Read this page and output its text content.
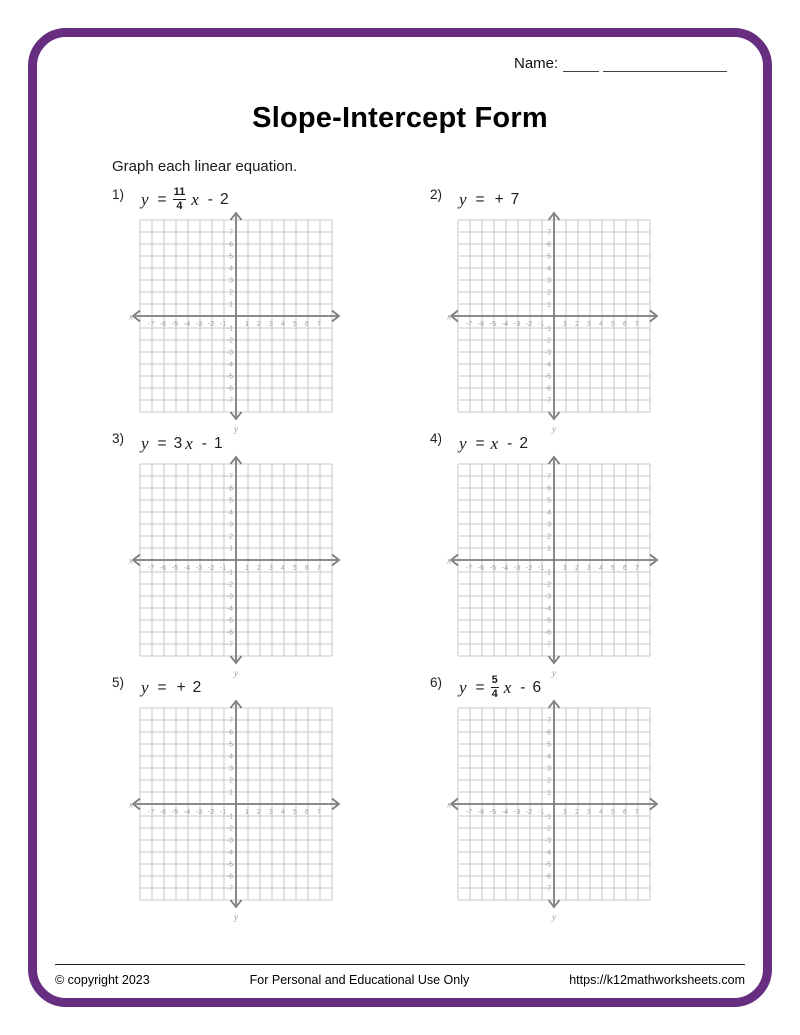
Name:
Slope-Intercept Form
Graph each linear equation.
1) $y = \frac{11}{4}$ x - 2
-7
-7
-6
-6
-5
-5
-4
-4
-3
-3
-2
-2
-1
-1
1
1
2
2
3
3
4
4
5
5
6
6
7
7
x
y
2) y = + 7
-7
-7
-6
-6
-5
-5
-4
-4
-3
-3
-2
-2
-1
-1
1
1
2
2
3
3
4
4
5
5
6
6
7
7
x
y
3) y = 3 x - 1
-7
-7
-6
-6
-5
-5
-4
-4
-3
-3
-2
-2
-1
-1
1
1
2
2
3
3
4
4
5
5
6
6
7
7
x
y
4) y = x - 2
-7
-7
-6
-6
-5
-5
-4
-4
-3
-3
-2
-2
-1
-1
1
1
2
2
3
3
4
4
5
5
6
6
7
7
x
y
5) y = + 2
-7
-7
-6
-6
-5
-5
-4
-4
-3
-3
-2
-2
-1
-1
1
1
2
2
3
3
4
4
5
5
6
6
7
7
x
y
6) $y = \frac{5}{4}$ x - 6
-7
-7
-6
-6
-5
-5
-4
-4
-3
-3
-2
-2
-1
-1
1
1
2
2
3
3
4
4
5
5
6
6
7
7
x
y
© copyright 2023	For Personal and Educational Use Only	https://k12mathworksheets.com
